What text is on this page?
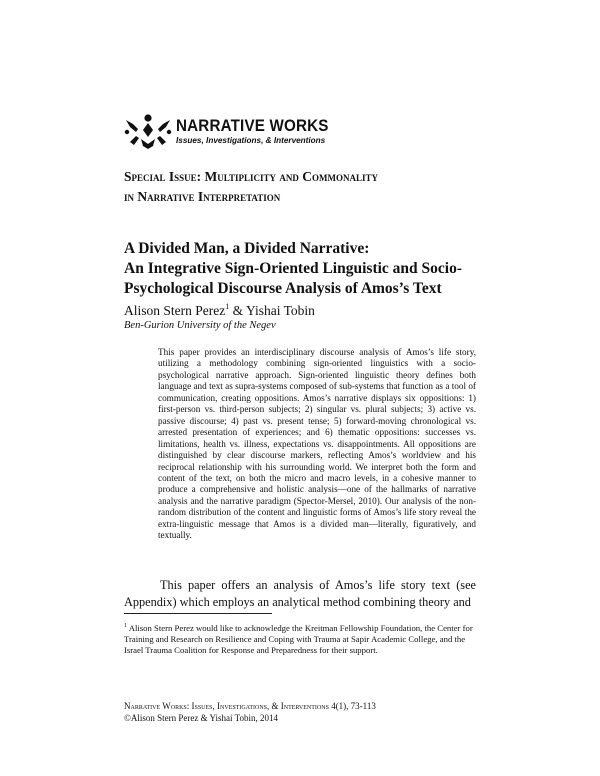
NARRATIVE WORKS
Issues, Investigations, & Interventions
Special Issue: Multiplicity and Commonality
in Narrative Interpretation
A Divided Man, a Divided Narrative:
An Integrative Sign-Oriented Linguistic and Socio-
Psychological Discourse Analysis of Amos’s Text
Alison Stern Perez$^1$ & Yishai Tobin
Ben-Gurion University of the Negev
This paper provides an interdisciplinary discourse analysis of Amos’s life story, utilizing a methodology combining sign-oriented linguistics with a socio-psychological narrative approach. Sign-oriented linguistic theory defines both language and text as supra-systems composed of sub-systems that function as a tool of communication, creating oppositions. Amos’s narrative displays six oppositions: 1) first-person vs. third-person subjects; 2) singular vs. plural subjects; 3) active vs. passive discourse; 4) past vs. present tense; 5) forward-moving chronological vs. arrested presentation of experiences; and 6) thematic oppositions: successes vs. limitations, health vs. illness, expectations vs. disappointments. All oppositions are distinguished by clear discourse markers, reflecting Amos’s worldview and his reciprocal relationship with his surrounding world. We interpret both the form and content of the text, on both the micro and macro levels, in a cohesive manner to produce a comprehensive and holistic analysis—one of the hallmarks of narrative analysis and the narrative paradigm (Spector-Mersel, 2010). Our analysis of the non-random distribution of the content and linguistic forms of Amos’s life story reveal the extra-linguistic message that Amos is a divided man—literally, figuratively, and textually.
This paper offers an analysis of Amos’s life story text (see Appendix) which employs an analytical method combining theory and
$^1$ Alison Stern Perez would like to acknowledge the Kreitman Fellowship Foundation, the Center for Training and Research on Resilience and Coping with Trauma at Sapir Academic College, and the Israel Trauma Coalition for Response and Preparedness for their support.
Narrative Works: Issues, Investigations, & Interventions 4(1), 73-113
©Alison Stern Perez & Yishai Tobin, 2014
